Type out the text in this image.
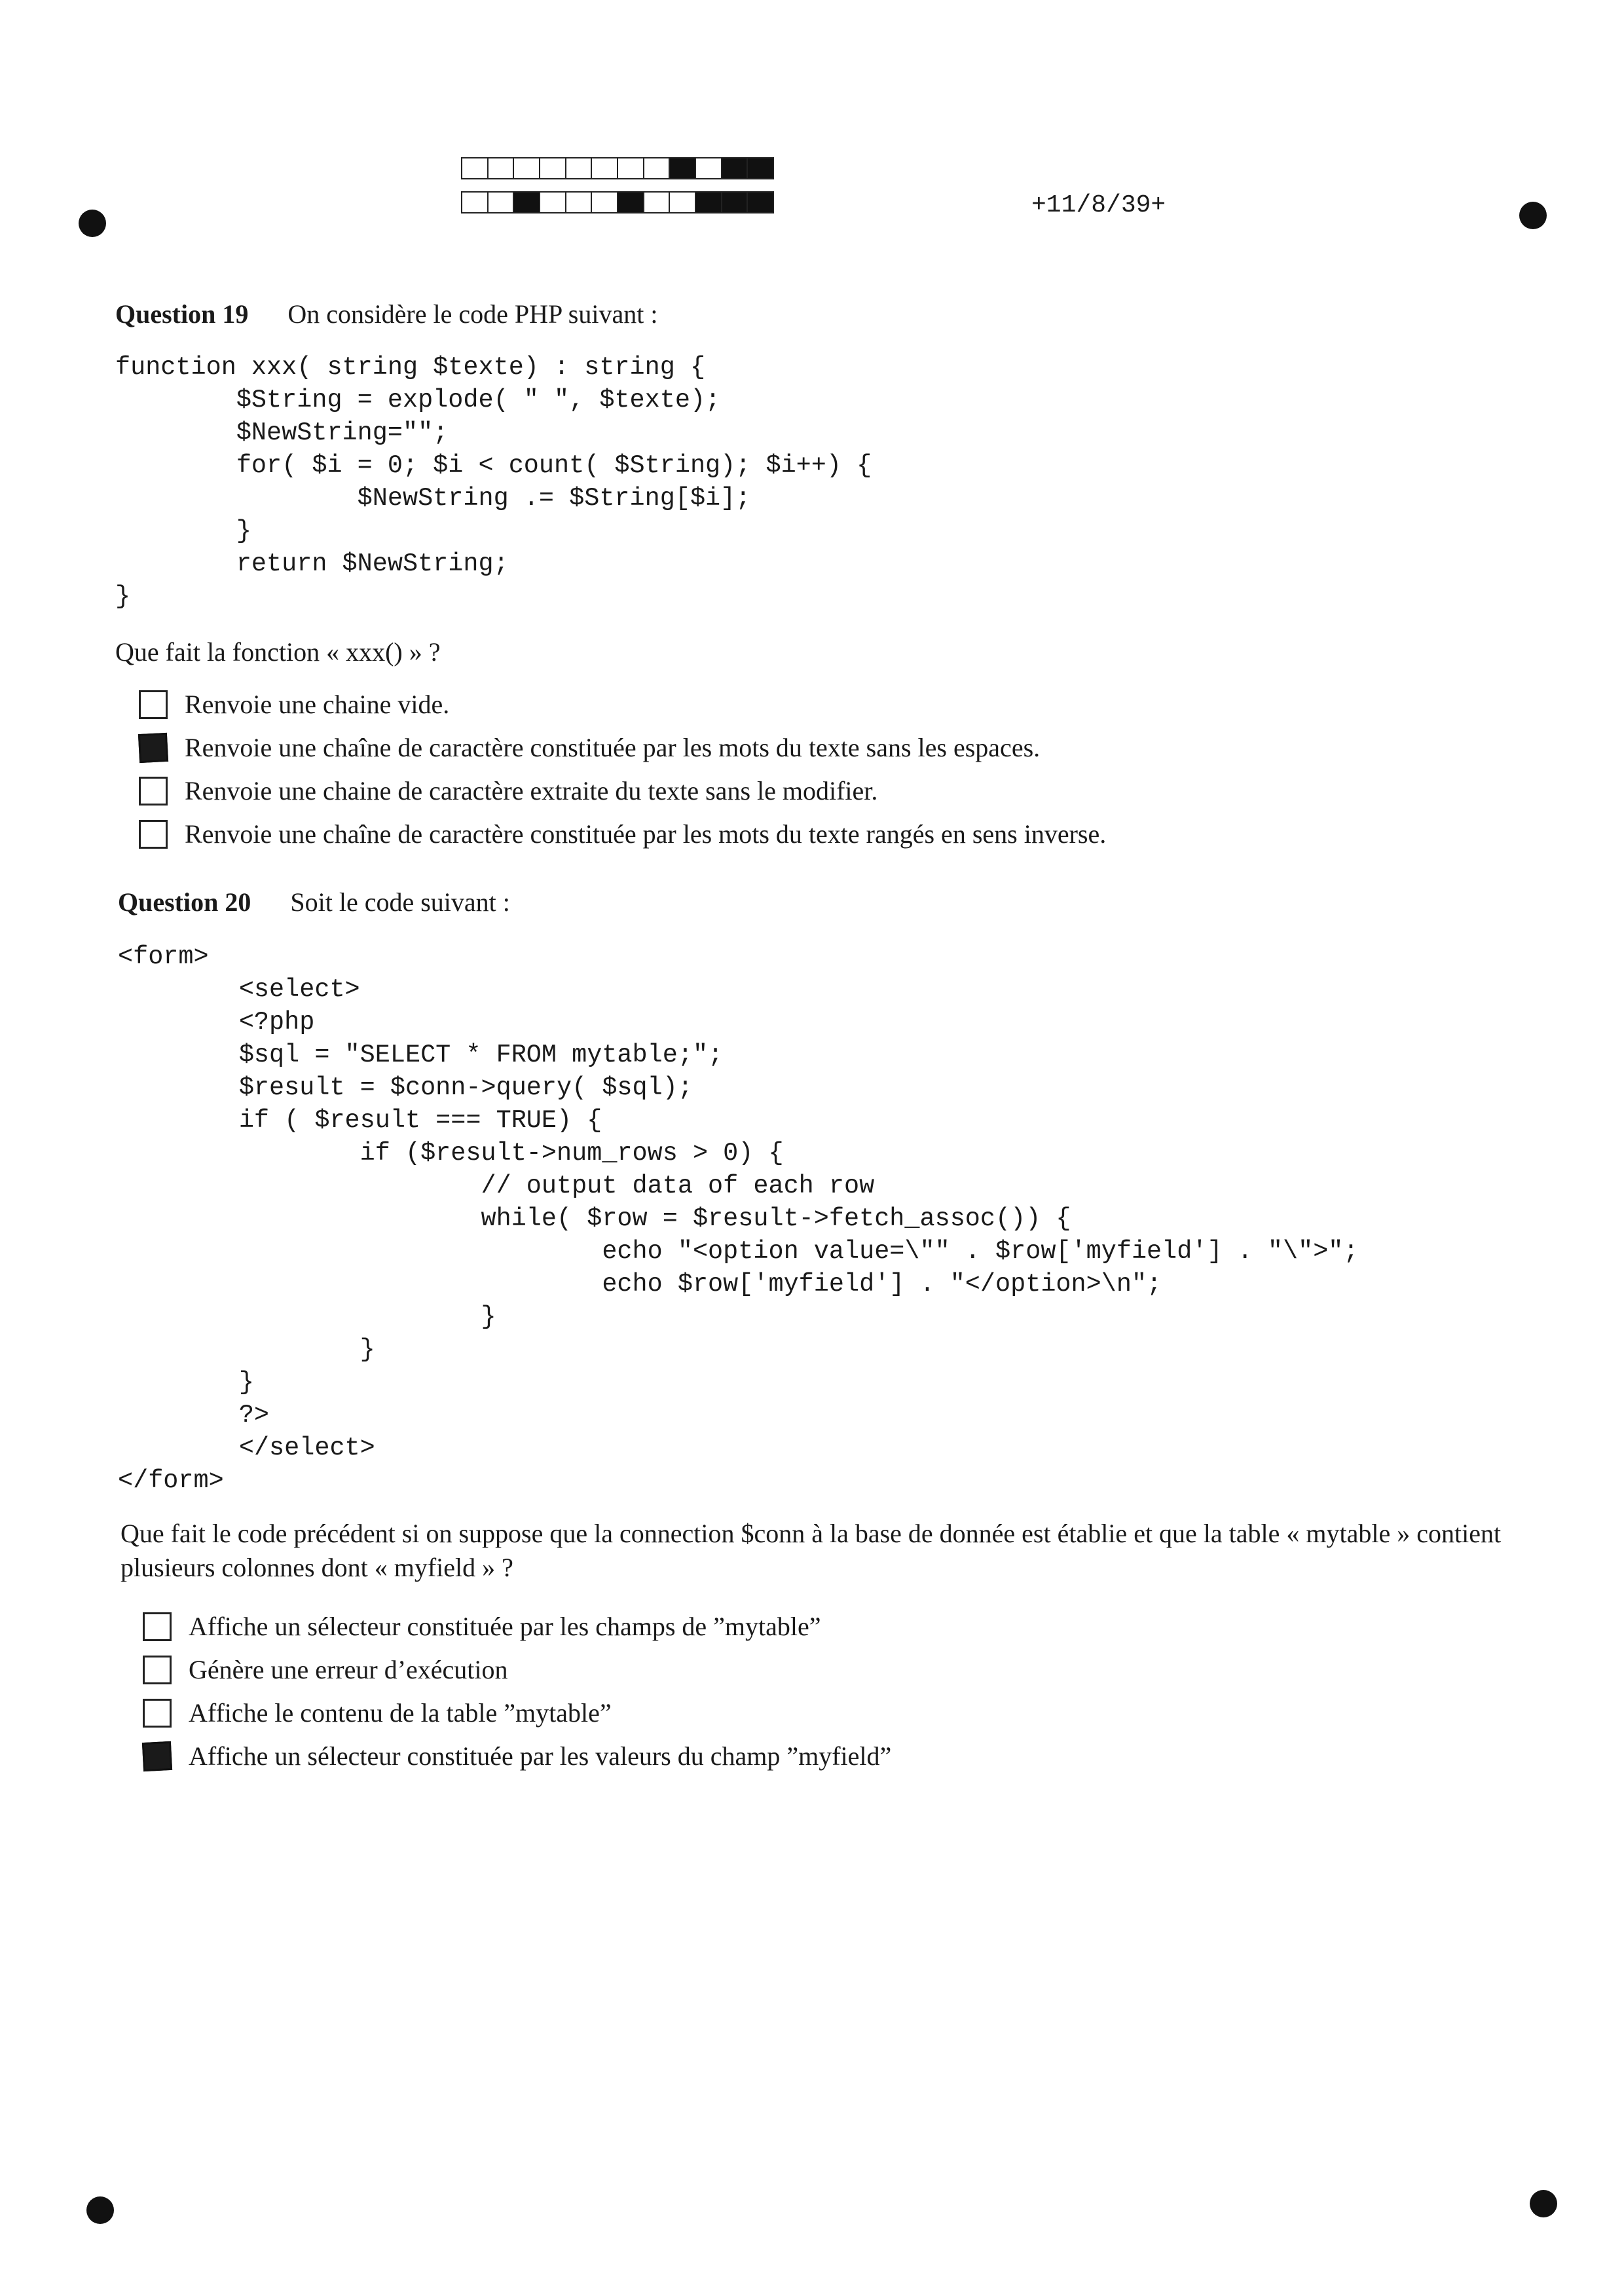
+11/8/39+
Question 19 On considère le code PHP suivant :
function xxx( string $texte) : string {
$String = explode( " ", $texte);
$NewString="";
for( $i = 0; $i < count( $String); $i++) {
$NewString .= $String[$i];
}
return $NewString;
}
Que fait la fonction « xxx() » ?
Renvoie une chaine vide.
Renvoie une chaîne de caractère constituée par les mots du texte sans les espaces.
Renvoie une chaine de caractère extraite du texte sans le modifier.
Renvoie une chaîne de caractère constituée par les mots du texte rangés en sens inverse.
Question 20 Soit le code suivant :
<form>
<select>
<?php
$sql = "SELECT * FROM mytable;";
$result = $conn->query( $sql);
if ( $result === TRUE) {
if ($result->num_rows > 0) {
// output data of each row
while( $row = $result->fetch_assoc()) {
echo "<option value=\"" . $row['myfield'] . "\">";
echo $row['myfield'] . "</option>\n";
}
}
}
?>
</select>
</form>
Que fait le code précédent si on suppose que la connection $conn à la base de donnée est établie et que la table « mytable » contient plusieurs colonnes dont « myfield » ?
Affiche un sélecteur constituée par les champs de ”mytable”
Génère une erreur d’exécution
Affiche le contenu de la table ”mytable”
Affiche un sélecteur constituée par les valeurs du champ ”myfield”
